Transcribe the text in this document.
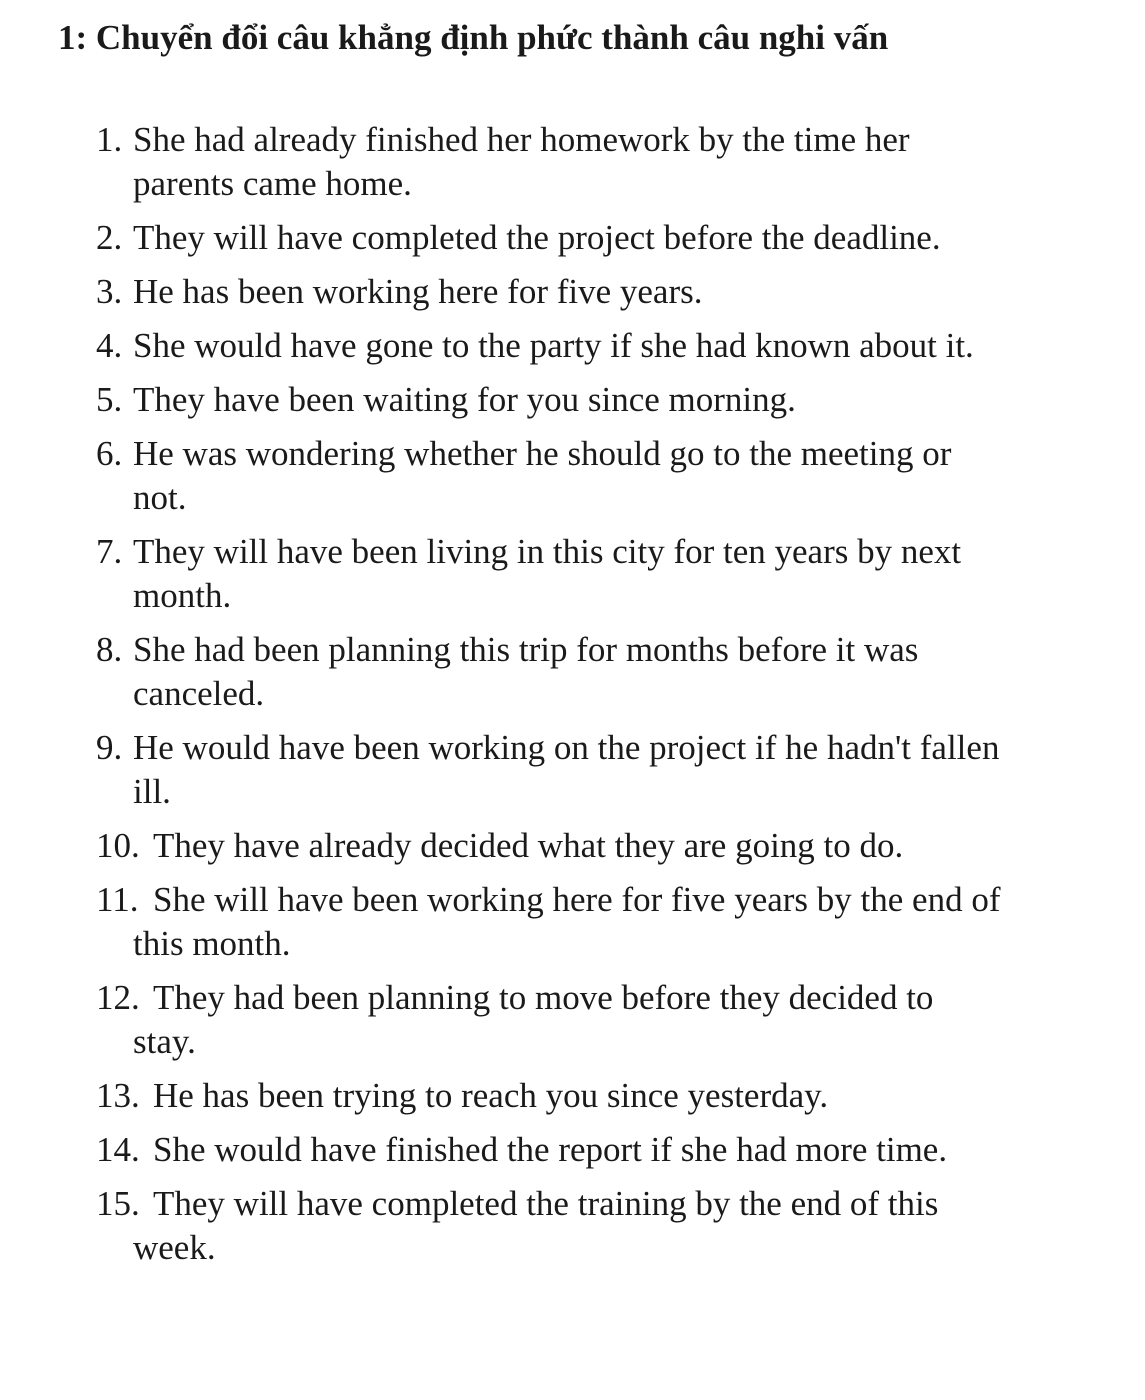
1: Chuyển đổi câu khẳng định phức thành câu nghi vấn
1. She had already finished her homework by the time her parents came home.
2. They will have completed the project before the deadline.
3. He has been working here for five years.
4. She would have gone to the party if she had known about it.
5. They have been waiting for you since morning.
6. He was wondering whether he should go to the meeting or not.
7. They will have been living in this city for ten years by next month.
8. She had been planning this trip for months before it was canceled.
9. He would have been working on the project if he hadn't fallen ill.
10. They have already decided what they are going to do.
11. She will have been working here for five years by the end of this month.
12. They had been planning to move before they decided to stay.
13. He has been trying to reach you since yesterday.
14. She would have finished the report if she had more time.
15. They will have completed the training by the end of this week.
